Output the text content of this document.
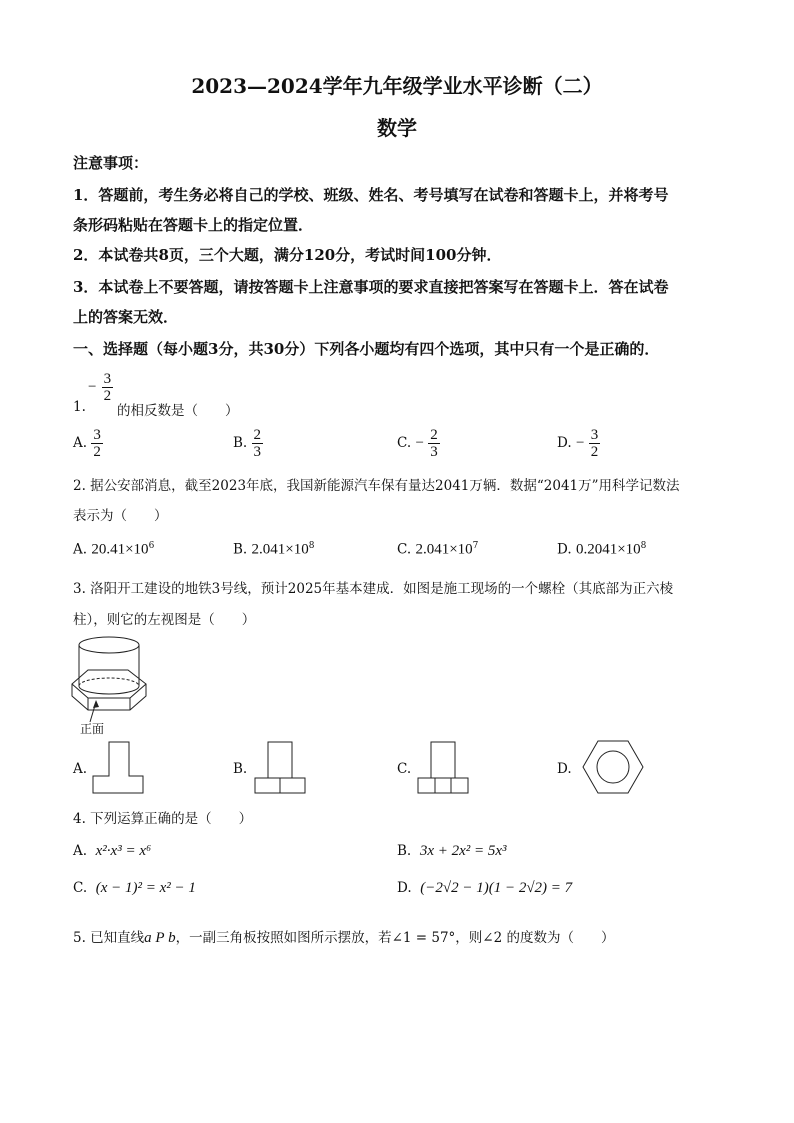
2023—2024学年九年级学业水平诊断（二）
数学
注意事项：
1．答题前，考生务必将自己的学校、班级、姓名、考号填写在试卷和答题卡上，并将考号
条形码粘贴在答题卡上的指定位置．
2．本试卷共8页，三个大题，满分120分，考试时间100分钟．
3．本试卷上不要答题，请按答题卡上注意事项的要求直接把答案写在答题卡上．答在试卷
上的答案无效．
一、选择题（每小题3分，共30分）下列各小题均有四个选项，其中只有一个是正确的．
− $\frac{3}{2}$
1. 的相反数是（　　）
A. $\frac{3}{2}$	B. $\frac{2}{3}$	C. − $\frac{2}{3}$	D. − $\frac{3}{2}$
2. 据公安部消息，截至2023年底，我国新能源汽车保有量达2041万辆．数据“2041万”用科学记数法
表示为（　　）
A. $20.41\times 10^6$	B. $2.041\times 10^8$	C. $2.041\times 10^7$	D. $0.2041\times 10^8$
3. 洛阳开工建设的地铁3号线，预计2025年基本建成．如图是施工现场的一个螺栓（其底部为正六棱
柱），则它的左视图是（　　）
正面
A.	B.	C.	D.
4. 下列运算正确的是（　　）
A. x²·x³ = x⁶	B. 3x + 2x² = 5x³
C. (x − 1)² = x² − 1	D. (−2√2 − 1)(1 − 2√2) = 7
5. 已知直线a P b，一副三角板按照如图所示摆放，若∠1 = 57°，则∠2 的度数为（　　）
